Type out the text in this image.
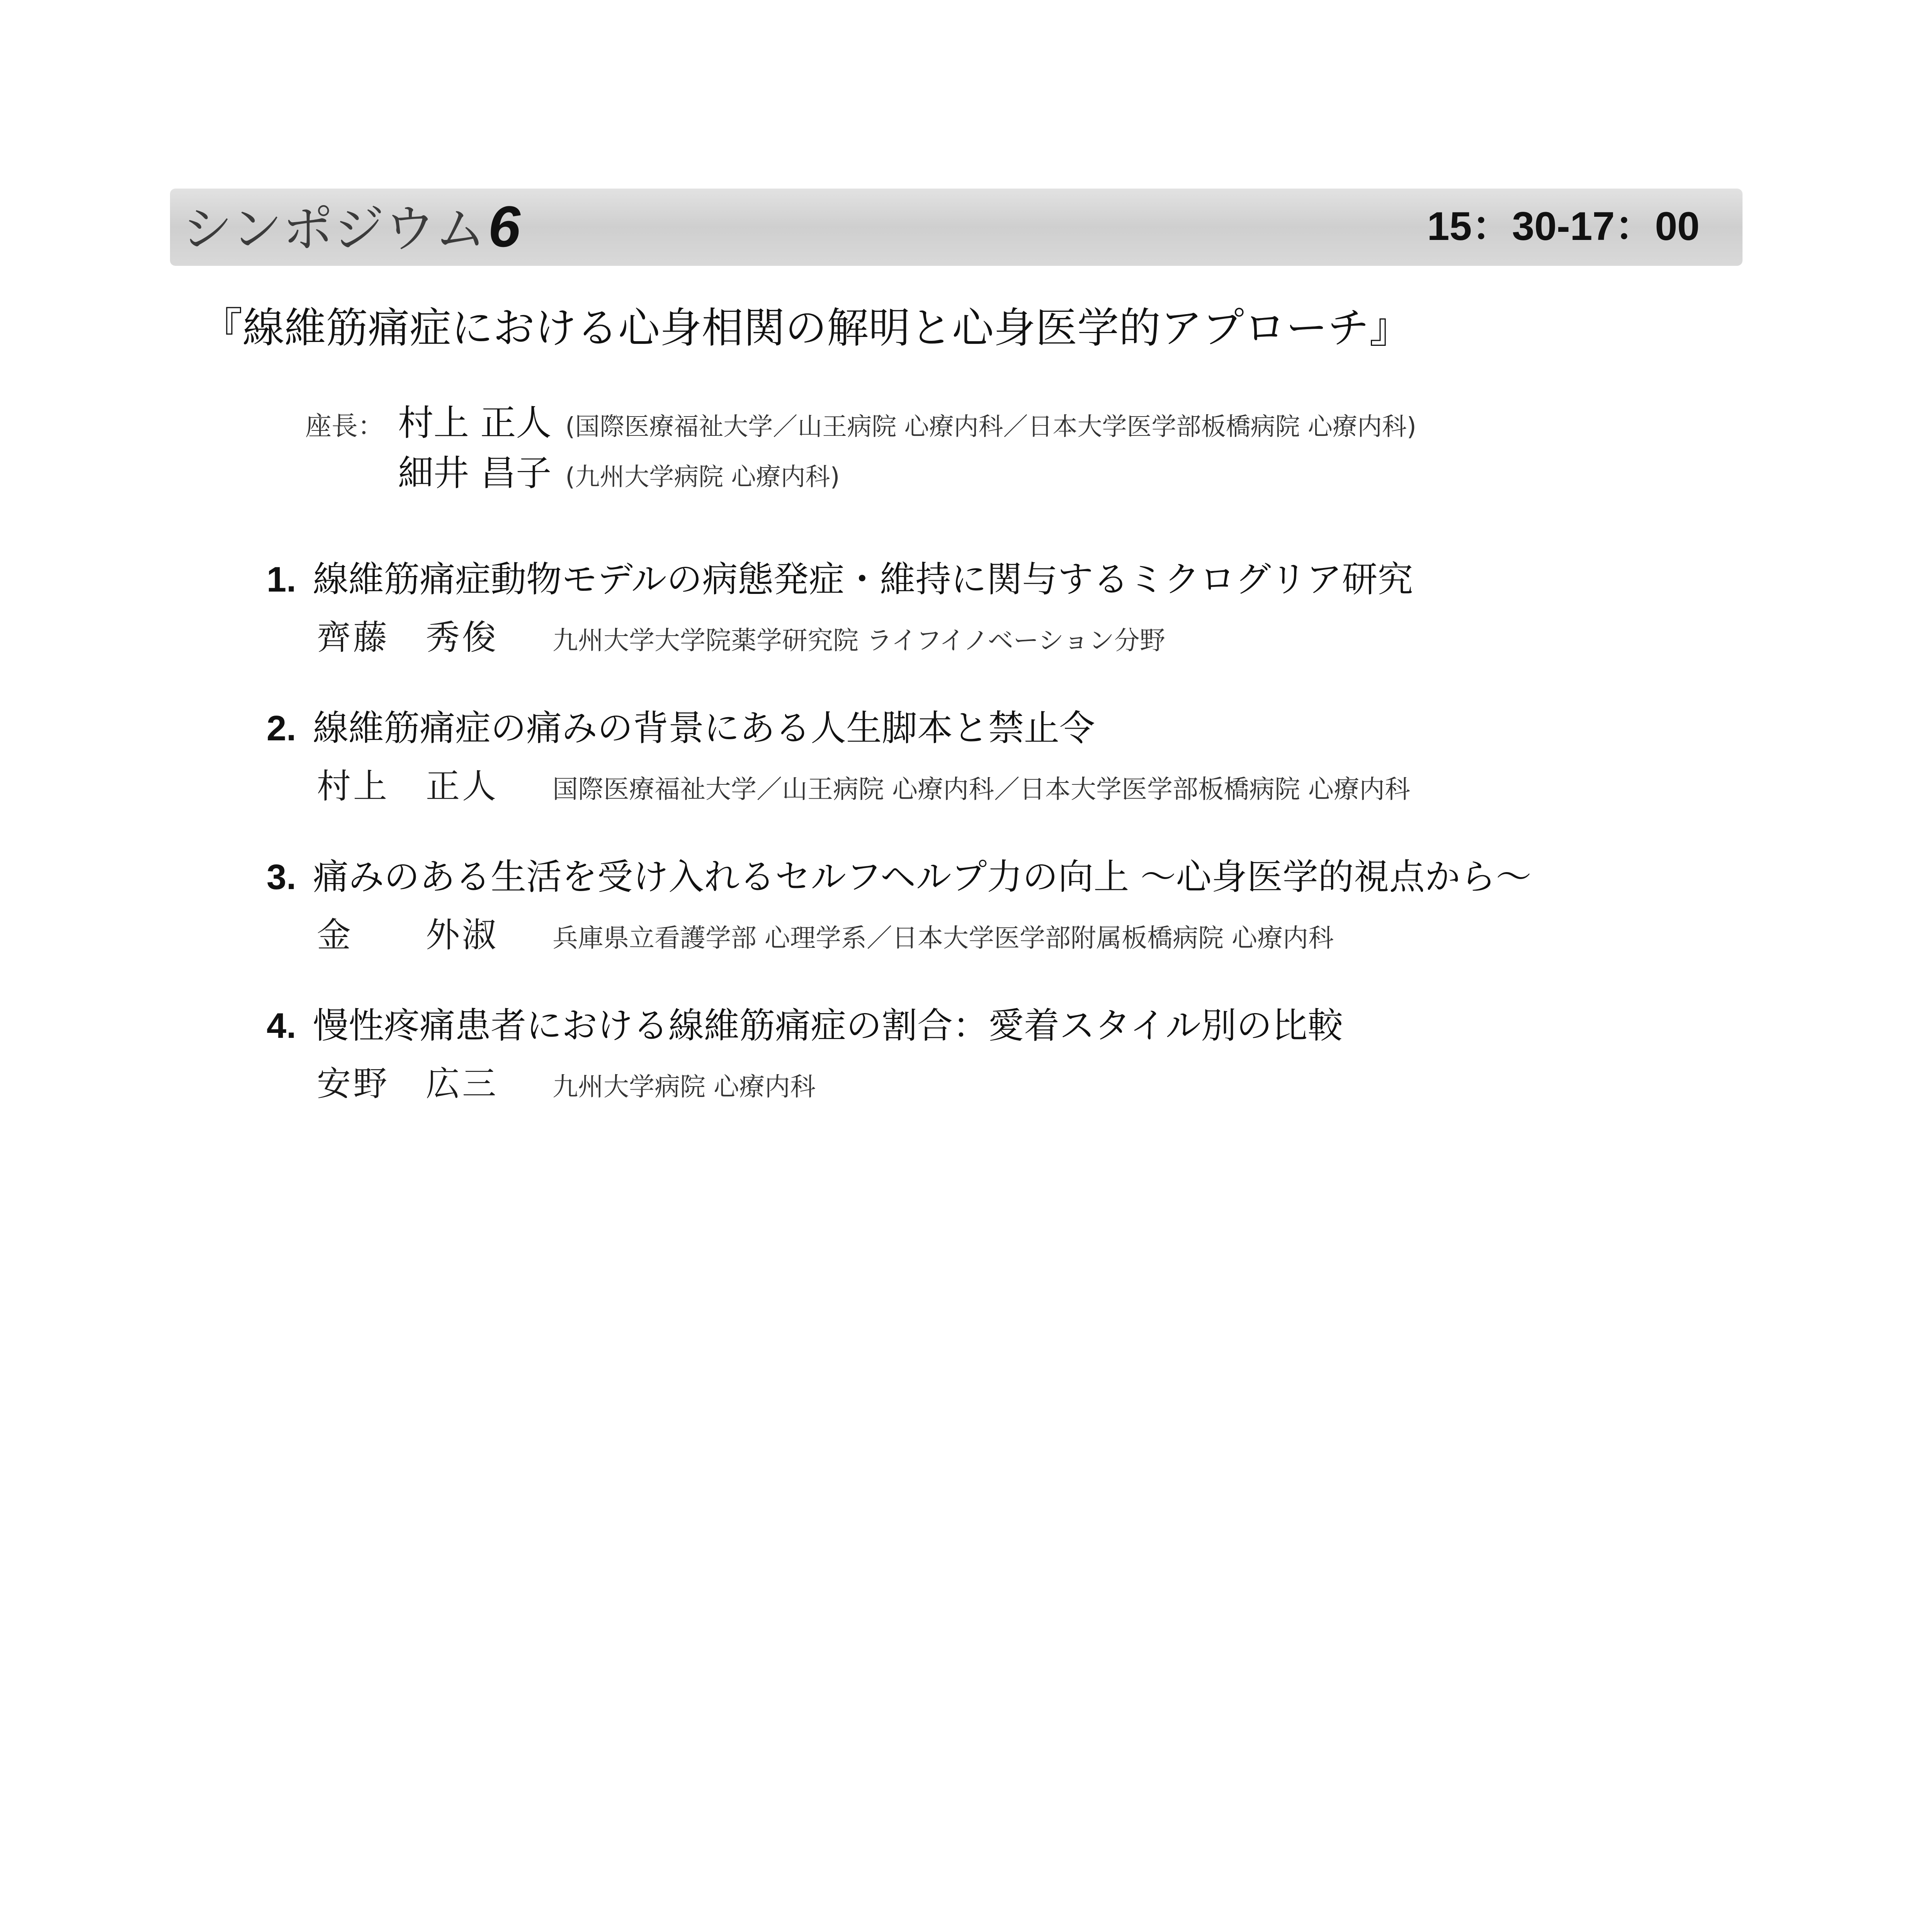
シンポジウム6	15：30-17：00
『線維筋痛症における心身相関の解明と心身医学的アプローチ』
座長： 村上 正人 (国際医療福祉大学／山王病院 心療内科／日本大学医学部板橋病院 心療内科)
細井 昌子 (九州大学病院 心療内科)
1. 線維筋痛症動物モデルの病態発症・維持に関与するミクログリア研究
齊藤　秀俊 九州大学大学院薬学研究院 ライフイノベーション分野
2. 線維筋痛症の痛みの背景にある人生脚本と禁止令
村上　正人 国際医療福祉大学／山王病院 心療内科／日本大学医学部板橋病院 心療内科
3. 痛みのある生活を受け入れるセルフヘルプ力の向上 ～心身医学的視点から～
金　　外淑 兵庫県立看護学部 心理学系／日本大学医学部附属板橋病院 心療内科
4. 慢性疼痛患者における線維筋痛症の割合：愛着スタイル別の比較
安野　広三 九州大学病院 心療内科
